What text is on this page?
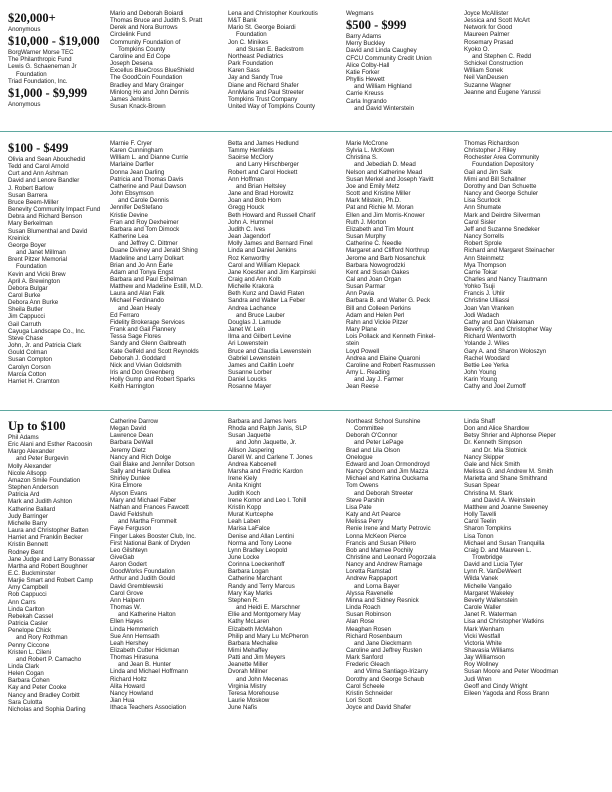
$20,000+
Anonymous
$10,000 - $19,000
BorgWarner Morse TEC
The Philanthropic Fund
Lewis G. Schaeneman Jr
Foundation
Triad Foundation, Inc.
$1,000 - $9,999
Anonymous
Mario and Deborah Boiardi
Thomas Bruce and Judith S. Pratt
Derek and Nora Burrows
Circlelink Fund
Community Foundation of
Tompkins County
Caroline and Ed Cope
Joseph Desena
Excellus BlueCross BlueShield
The GoodCoin Foundation
Bradley and Mary Grainger
Minlong Ho and John Dennis
James Jenkins
Susan Knack-Brown
Lena and Christopher Kourkoutis
M&T Bank
Mario St. George Boiardi
Foundation
Jon C. Minikes
and Susan E. Backstrom
Northeast Pediatrics
Park Foundation
Karen Sass
Jay and Sandy True
Diane and Richard Shafer
AnnMarie and Paul Streeter
Tompkins Trust Company
United Way of Tompkins County
Wegmans
$500 - $999
Barry Adams
Merry Buckley
David and Linda Caughey
CFCU Community Credit Union
Alice Colby-Hall
Katie Forker
Phyllis Hewett
and William Highland
Carrie Kreuss
Carla Ingrando
and David Winterstein
Joyce McAllister
Jessica and Scott McArt
Network for Good
Maureen Palmer
Rosemary Prasad
Kyoko O.
and Stephen C. Redd
Schickel Construction
William Sonek
Neil VanDeusen
Suzanne Wagner
Jeanne and Eugene Yarussi
$100 - $499
Olivia and Sean Abouchedid
Tedd and Carol Arnold
Curt and Ann Ashman
David and Lenore Bandler
J. Robert Barlow
Susan Barrera
Bruce Beem-Miller
Benevity Community Impact Fund
Debra and Richard Benson
Mary Berkelman
Susan Blumenthal and David
Kreinick
George Boyer
and Janet Millman
Brent Pitzer Memorial
Foundation
Kevin and Vicki Brew
April A. Brewington
Debora Bulgar
Carol Burke
Debora Ann Burke
Sheila Butler
Jim Cappucci
Gail Carruth
Cayuga Landscape Co., Inc.
Steve Chase
John, Jr. and Patricia Clark
Gould Colman
Susan Compton
Carolyn Corson
Marcia Cotton
Harriet H. Cramton
Marnie F. Cryer
Karen Cunningham
William L. and Dianne Currie
Marlaine Darfler
Donna Jean Darling
Patricia and Thomas Davis
Catherine and Paul Dawson
John Ebsymson
and Carole Dennis
Jennifer DeStefano
Kristie Devine
Fran and Roy Dexheimer
Barbara and Tom Dimock
Katherine Lea
and Jeffrey C. Dittmer
Duane Diviney and Jerald Shing
Madeline and Larry Dolkart
Brian and Jo Ann Earle
Adam and Tonya Engst
Barbara and Paul Eshelman
Matthew and Madeline Estill, M.D.
Laura and Alan Falk
Michael Ferdinando
and Jean Healy
Ed Ferraro
Fidelity Brokerage Services
Frank and Gail Flannery
Tessa Sage Flores
Sandy and Glenn Galbreath
Kate Gelfeld and Scott Reynolds
Deborah J. Goddard
Nick and Vivian Goldsmith
Iris and Don Greenberg
Holly Gump and Robert Sparks
Keith Harrington
Betta and James Hedlund
Tammy Henfelds
Saoirse McClory
and Larry Hirschberger
Robert and Carol Hockett
Ann Hoffman
and Brian Heltsley
Jane and Brad Horowitz
Joan and Bob Horn
Gregg Houck
Beth Howard and Russell Charif
John A. Hummel
Judith C. Ives
Jean Jagendorf
Molly James and Bernard Finel
Linda and Daniel Jenkins
Roz Kenworthy
Carol and William Klepack
Jane Koestler and Jim Karpinski
Craig and Ann Kolb
Michelle Krakora
Beth Kunz and David Flaten
Sandra and Walter La Feber
Andrea Lachance
and Bruce Lauber
Douglas J. Lamude
Janet W. Lein
Ilma and Gilbert Levine
Ari Lowenstein
Bruce and Claudia Lewenstein
Gabriel Lewenstein
James and Caitlin Loehr
Susanne Lorber
Daniel Loucks
Rosanne Mayer
Marie McCrone
Sylvia L. McKown
Christina S.
and Jebediah D. Mead
Nelson and Katherine Mead
Susan Merkel and Joseph Yavitt
Joe and Emily Metz
Scott and Kristine Miller
Mark Milstein, Ph.D.
Pat and Richie M. Moran
Ellen and Jim Morris-Knower
Ruth J. Morton
Elizabeth and Tim Mount
Susan Murphy
Catherine C. Needle
Margaret and Clifford Northrup
Jerome and Barb Nosanchuk
Barbara Nowogrodzki
Kent and Susan Oakes
Cal and Joan Organ
Susan Parmar
Ann Pavia
Barbara B. and Walter G. Peck
Bill and Colleen Perkins
Adam and Helen Perl
Rahn and Vickie Pitzer
Mary Plane
Lois Pollack and Kenneth Finkel-
stein
Loyd Powell
Andrea and Elaine Quaroni
Caroline and Robert Rasmussen
Amy L. Reading
and Jay J. Farmer
Jean Reese
Thomas Richardson
Christopher J Riley
Rochester Area Community
Foundation Depository
Gail and Jim Salk
Mimi and Bill Schallner
Dorothy and Dan Schuette
Nancy and George Schuler
Lisa Scurlock
Ann Shumate
Mark and Deirdre Silverman
Carol Sisler
Jeff and Suzanne Snedeker
Nancy Sorrells
Robert Sprole
Richard and Margaret Steinacher
Ann Steinmetz
Mya Thompson
Carrie Tokar
Charles and Nancy Trautmann
Yohko Tsuji
Francis J. Uhlir
Christine Ulliassi
Joan Van Vranken
Jodi Wadach
Cathy and Dan Wakeman
Beverly G. and Christopher Way
Richard Wentworth
Yolande J. Wiles
Gary A. and Sharon Woloszyn
Rachel Woodard
Bettie Lee Yerka
John Young
Karin Young
Cathy and Joel Zumoff
Up to $100
Phil Adams
Eric Alani and Esther Racoosin
Margo Alexander
and Peter Burgevin
Molly Alexander
Nicole Allsopp
Amazon Smile Foundation
Stephen Anderson
Patricia Ard
Mark and Judith Ashton
Katherine Ballard
Judy Barringer
Michelle Barry
Laura and Christopher Batten
Harriet and Franklin Becker
Kristin Bennett
Rodney Bent
Jane Judge and Larry Bonassar
Martha and Robert Boughner
E.C. Buckminster
Marjie Smart and Robert Camp
Amy Campbell
Rob Cappucci
Ann Carrs
Linda Carlton
Rebekah Cassel
Patricia Casler
Penelope Chick
and Rory Rothman
Penny Ciccone
Kristen L. Cileni
and Robert P. Camacho
Linda Clark
Helen Cogan
Barbara Cohen
Kay and Peter Cooke
Nancy and Bradley Corbitt
Sara Culotta
Nicholas and Sophia Darling
Catherine Darrow
Megan David
Lawrence Dean
Barbara DeWall
Jeremy Dietz
Nancy and Rich Dolge
Gail Blake and Jennifer Dotson
Sally and Hank Dullea
Shirley Dunlee
Kira Elmore
Alyson Evans
Mary and Michael Faber
Nathan and Frances Fawcett
David Feldshuh
and Martha Frommelt
Faye Ferguson
Finger Lakes Booster Club, Inc.
First National Bank of Dryden
Leo Gilshteyn
GiveGab
Aaron Godert
GoodWorks Foundation
Arthur and Judith Gould
David Gremblewski
Carol Grove
Ann Halpern
Thomas W.
and Katherine Halton
Ellen Hayes
Linda Hemmerich
Sue Ann Hemsath
Leah Hershey
Elizabeth Cutter Hickman
Thomas Hirasuna
and Jean B. Hunter
Linda and Michael Hoffmann
Richard Holtz
Alita Howard
Nancy Howland
Jian Hua
Ithaca Teachers Association
Barbara and James Ivers
Rhoda and Ralph Janis, SLP
Susan Jaquette
and John Jaquette, Jr.
Allison Jaspering
Darell W. and Carlene T. Jones
Andrea Kabcenell
Marsha and Fredric Kardon
Irene Kiely
Anita Knight
Judith Koch
Irene Komor and Leo I. Tohill
Kristin Kopp
Murat Kurtcephe
Leah Laben
Marisa LaFalce
Denise and Allan Lentini
Norma and Tony Leone
Lynn Bradley Leopold
June Locke
Corinna Loeckenhoff
Barbara Logan
Catherine Marchant
Randy and Terry Marcus
Mary Kay Marks
Stephen R.
and Heidi E. Marschner
Ellie and Montgomery May
Kathy McLaren
Elizabeth McMahon
Philip and Mary Lu McPheron
Barbara Mechalke
Mimi Mehaffey
Patti and Jim Meyers
Jeanette Miller
Dvorah Millner
and John Mecenas
Virginia Mistry
Teresa Morehouse
Laurie Moskow
June Nafis
Northeast School Sunshine
Committee
Deborah O'Connor
and Peter LePage
Brad and Lila Olson
Onelogue
Edward and Joan Ormondroyd
Nancy Osborn and Jim Mazza
Michael and Katrina Ouckama
Tom Owens
and Deborah Streeter
Steve Parshin
Lisa Pate
Katy and Art Pearce
Melissa Perry
Renie Irene and Marty Petrovic
Lonna McKeon Pierce
Francis and Susan Pillero
Bob and Marnee Pochily
Christine and Leonard Pogorzala
Nancy and Andrew Ramage
Loretta Ramstad
Andrew Rappaport
and Lorna Bayer
Alyssa Ravenelle
Minna and Sidney Resnick
Linda Roach
Susan Robinson
Alan Rose
Meaghan Rosen
Richard Rosenbaum
and Jane Dieckmann
Caroline and Jeffrey Rusten
Mark Sanford
Frederic Gleach
and Vilma Santiago-Irizarry
Dorothy and George Schaub
Carol Scheele
Kristin Schneider
Lori Scott
Joyce and David Shafer
Linda Shaff
Don and Alice Shardlow
Betsy Shrier and Alphonse Pieper
Dr. Kenneth Simpson
and Dr. Mia Slotnick
Nancy Skipper
Gale and Nick Smith
Melissa G. and Andrew M. Smith
Marietta and Shane Smithrand
Susan Spear
Christina M. Stark
and David A. Weinstein
Matthew and Joanne Sweeney
Holly Tavelli
Carol Teelin
Sharon Tompkins
Lisa Tonon
Michael and Susan Tranquilla
Craig D. and Maureen L.
Trowbridge
David and Lucia Tyler
Lynn R. VanDeWeert
Wilda Vanek
Michelle Vangalio
Margaret Wakeley
Beverly Wallenstein
Carole Waller
Janet R. Waterman
Lisa and Christopher Watkins
Mark Wenham
Vicki Westfall
Victoria White
Shavasia Williams
Jay Williamson
Roy Wollney
Susan Moore and Peter Woodman
Judi Wren
Geoff and Cindy Wright
Eileen Yagoda and Ross Brann
